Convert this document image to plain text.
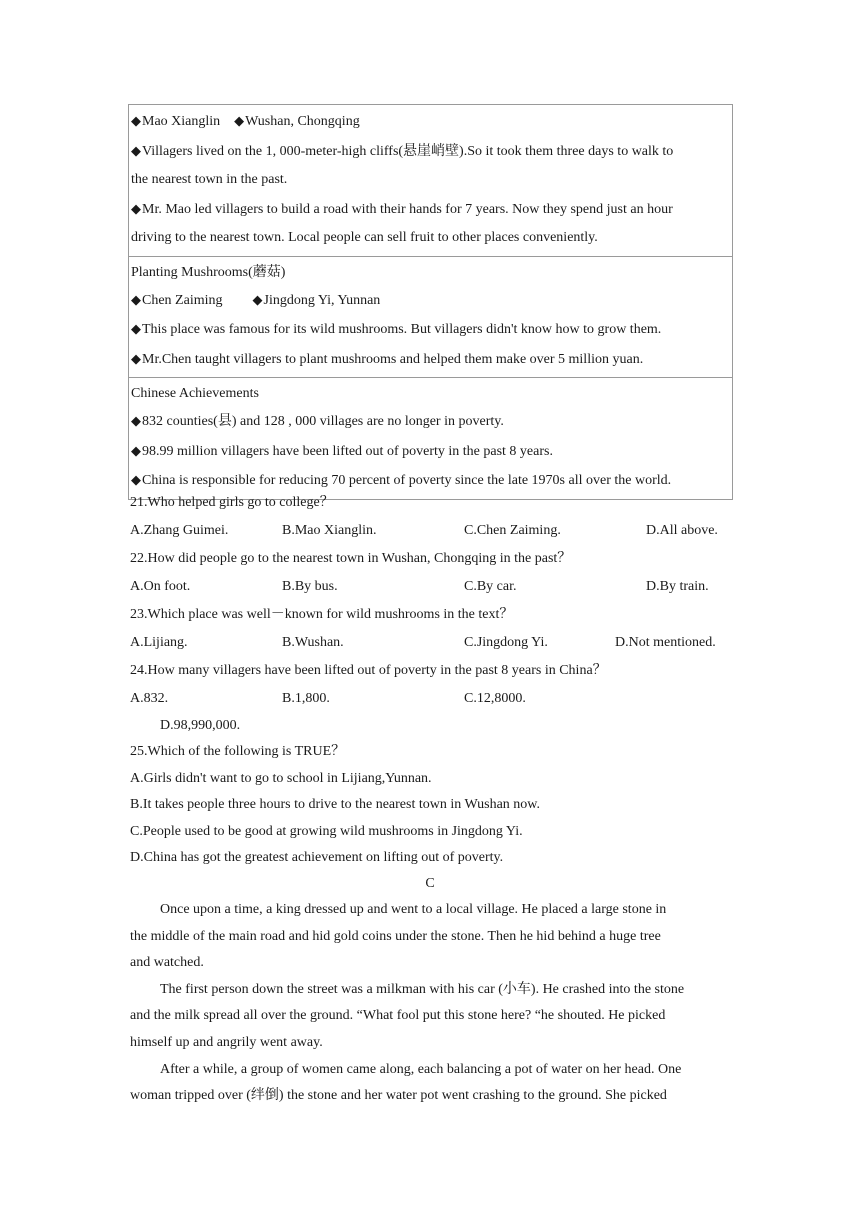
◆Mao Xianglin ◆Wushan, Chongqing
◆Villagers lived on the 1, 000-meter-high cliffs(悬崖峭壁).So it took them three days to walk to
the nearest town in the past.
◆Mr. Mao led villagers to build a road with their hands for 7 years. Now they spend just an hour
driving to the nearest town. Local people can sell fruit to other places conveniently.

Planting Mushrooms(蘑菇)
◆Chen Zaiming ◆Jingdong Yi, Yunnan
◆This place was famous for its wild mushrooms. But villagers didn't know how to grow them.
◆Mr.Chen taught villagers to plant mushrooms and helped them make over 5 million yuan.

Chinese Achievements
◆832 counties(县) and 128 , 000 villages are no longer in poverty.
◆98.99 million villagers have been lifted out of poverty in the past 8 years.
◆China is responsible for reducing 70 percent of poverty since the late 1970s all over the world.
21.Who helped girls go to college？
A.Zhang Guimei.	B.Mao Xianglin.	C.Chen Zaiming.	D.All above.
22.How did people go to the nearest town in Wushan, Chongqing in the past？
A.On foot.	B.By bus.	C.By car.	D.By train.
23.Which place was well－known for wild mushrooms in the text？
A.Lijiang.	B.Wushan.	C.Jingdong Yi.	D.Not mentioned.
24.How many villagers have been lifted out of poverty in the past 8 years in China？
A.832.	B.1,800.	C.12,8000.
D.98,990,000.
25.Which of the following is TRUE？
A.Girls didn't want to go to school in Lijiang,Yunnan.
B.It takes people three hours to drive to the nearest town in Wushan now.
C.People used to be good at growing wild mushrooms in Jingdong Yi.
D.China has got the greatest achievement on lifting out of poverty.
C

Once upon a time, a king dressed up and went to a local village. He placed a large stone in
the middle of the main road and hid gold coins under the stone. Then he hid behind a huge tree
and watched.

The first person down the street was a milkman with his car (小车). He crashed into the stone
and the milk spread all over the ground. “What fool put this stone here? “he shouted. He picked
himself up and angrily went away.

After a while, a group of women came along, each balancing a pot of water on her head. One
woman tripped over (绊倒) the stone and her water pot went crashing to the ground. She picked
